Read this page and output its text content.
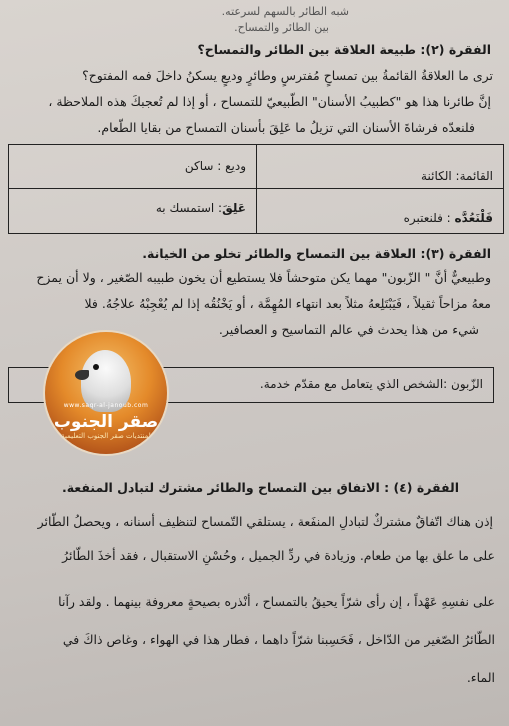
شبه الطائر بالسهم لسرعته.
بين الطائر والتمساح.
الفقرة (٢): طبيعة العلاقة بين الطائر والتمساح؟
ترى ما العلاقةُ القائمةُ بين تمساحٍ مُفترسٍ وطائرٍ وديعٍ يسكنُ داخلَ فمه المفتوح؟
إنَّ طائرنا هذا هو "كطبيبُ الأسنان" الطّبيعيّ للتمساح ، أو إذا لم تُعجبكَ هذه الملاحظة ،
فلنعدّه فرشاةَ الأسنان التي تزيلُ ما عَلِقَ بأسنان التمساح من بقايا الطّعام.
القائمة: الكائنة
وديع : ساكن
فَلْنَعُدَّه : فلنعتبره
عَلِقَ: استمسك به
الفقرة (٣): العلاقة بين التمساح والطائر تخلو من الخيانة.
وطبيعيٌّ أنَّ " الزّبون" مهما يكن متوحشاً فلا يستطيع أن يخون طبيبه الصّغير ، ولا أن يمزح
معهُ مزاحاً ثقيلاً ، فَيَبْتَلِعهُ مثلاً بعد انتهاء المُهِمَّة ، أو يَخْنُقُه إذا لم يُعْجِبْهُ علاجُهُ. فلا
شيء من هذا يحدث في عالم التماسيح و العصافير.
الزّبون :الشخص الذي يتعامل مع مقدّم خدمة.
www.saqr-al-janoub.com
صقر الجنوب
لمنتديات صقر الجنوب التعليمية
الفقرة (٤) : الاتفاق بين التمساح والطائر مشترك لتبادل المنفعة.
إذن هناك اتّفاقٌ مشتركٌ لتبادلِ المنفَعة ، يستلقي التّمساح لتنظيف أسنانه ، ويحصلُ الطّائر
على ما علق بها من طعام. وزيادة في ردِّ الجميل ، وحُسْنِ الاستقبال ، فقد أخذَ الطّائرُ
على نفسِهِ عَهْداً ، إن رأى شرّاً يحيقُ بالتمساح ، أنْذره بصيحةٍ معروفة بينهما . ولقد رآنا
الطّائرُ الصّغير من الدّاخل ، فَحَسِبنا شرّاً داهما ، فطار هذا في الهواء ، وغاص ذاكَ في
الماء.
